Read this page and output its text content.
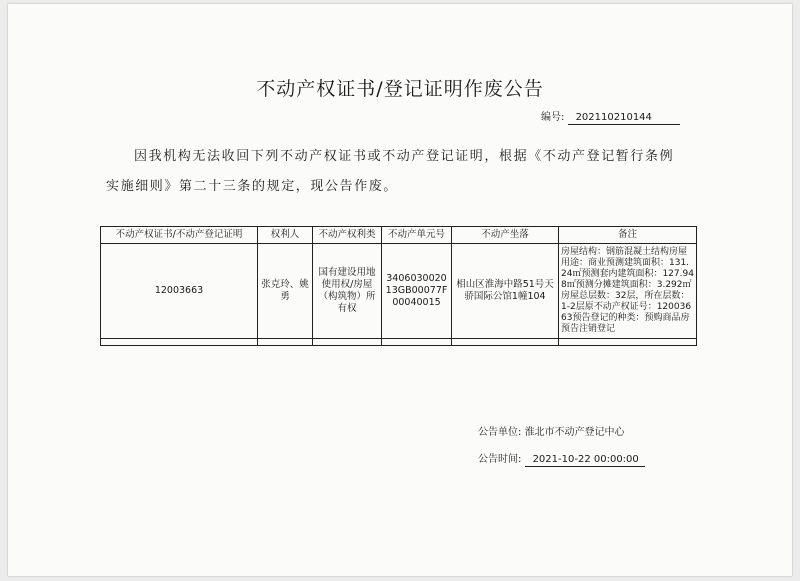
不动产权证书/登记证明作废公告
编号: 202110210144
因我机构无法收回下列不动产权证书或不动产登记证明，根据《不动产登记暂行条例
实施细则》第二十三条的规定，现公告作废。
不动产权证书/不动产登记证明	权利人	不动产权利类	不动产单元号	不动产坐落	备注
12003663	张克玲、姚勇	国有建设用地使用权/房屋（构筑物）所有权	340603002013GB00077F00040015	相山区淮海中路51号天骄国际公馆1幢104	房屋结构：钢筋混凝土结构房屋用途：商业预测建筑面积：131.24㎡预测套内建筑面积：127.948㎡预测分摊建筑面积：3.292㎡房屋总层数：32层，所在层数：1-2层原不动产权证号：12003663预告登记的种类：预购商品房预告注销登记

公告单位: 淮北市不动产登记中心
公告时间: 2021-10-22 00:00:00
